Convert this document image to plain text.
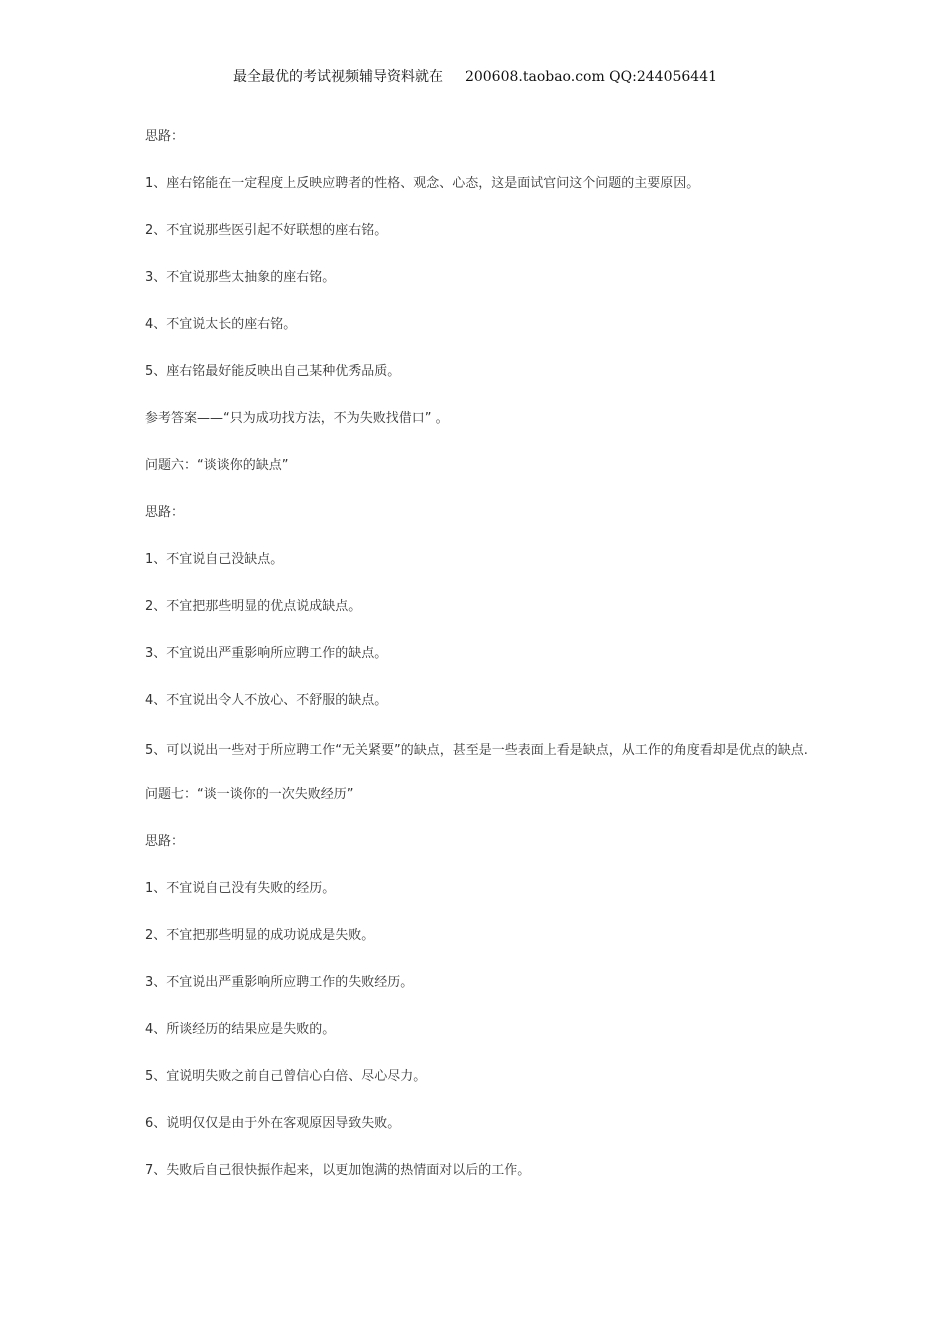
最全最优的考试视频辅导资料就在 200608.taobao.com QQ:244056441

思路：

1、座右铭能在一定程度上反映应聘者的性格、观念、心态，这是面试官问这个问题的主要原因。

2、不宜说那些医引起不好联想的座右铭。

3、不宜说那些太抽象的座右铭。

4、不宜说太长的座右铭。

5、座右铭最好能反映出自己某种优秀品质。

参考答案——“只为成功找方法，不为失败找借口” 。

问题六：“谈谈你的缺点”

思路：

1、不宜说自己没缺点。

2、不宜把那些明显的优点说成缺点。

3、不宜说出严重影响所应聘工作的缺点。

4、不宜说出令人不放心、不舒服的缺点。

5、可以说出一些对于所应聘工作“无关紧要”的缺点，甚至是一些表面上看是缺点，从工作的角度看却是优点的缺点.

问题七：“谈一谈你的一次失败经历”

思路：

1、不宜说自己没有失败的经历。

2、不宜把那些明显的成功说成是失败。

3、不宜说出严重影响所应聘工作的失败经历。

4、所谈经历的结果应是失败的。

5、宜说明失败之前自己曾信心白倍、尽心尽力。

6、说明仅仅是由于外在客观原因导致失败。

7、失败后自己很快振作起来，以更加饱满的热情面对以后的工作。
